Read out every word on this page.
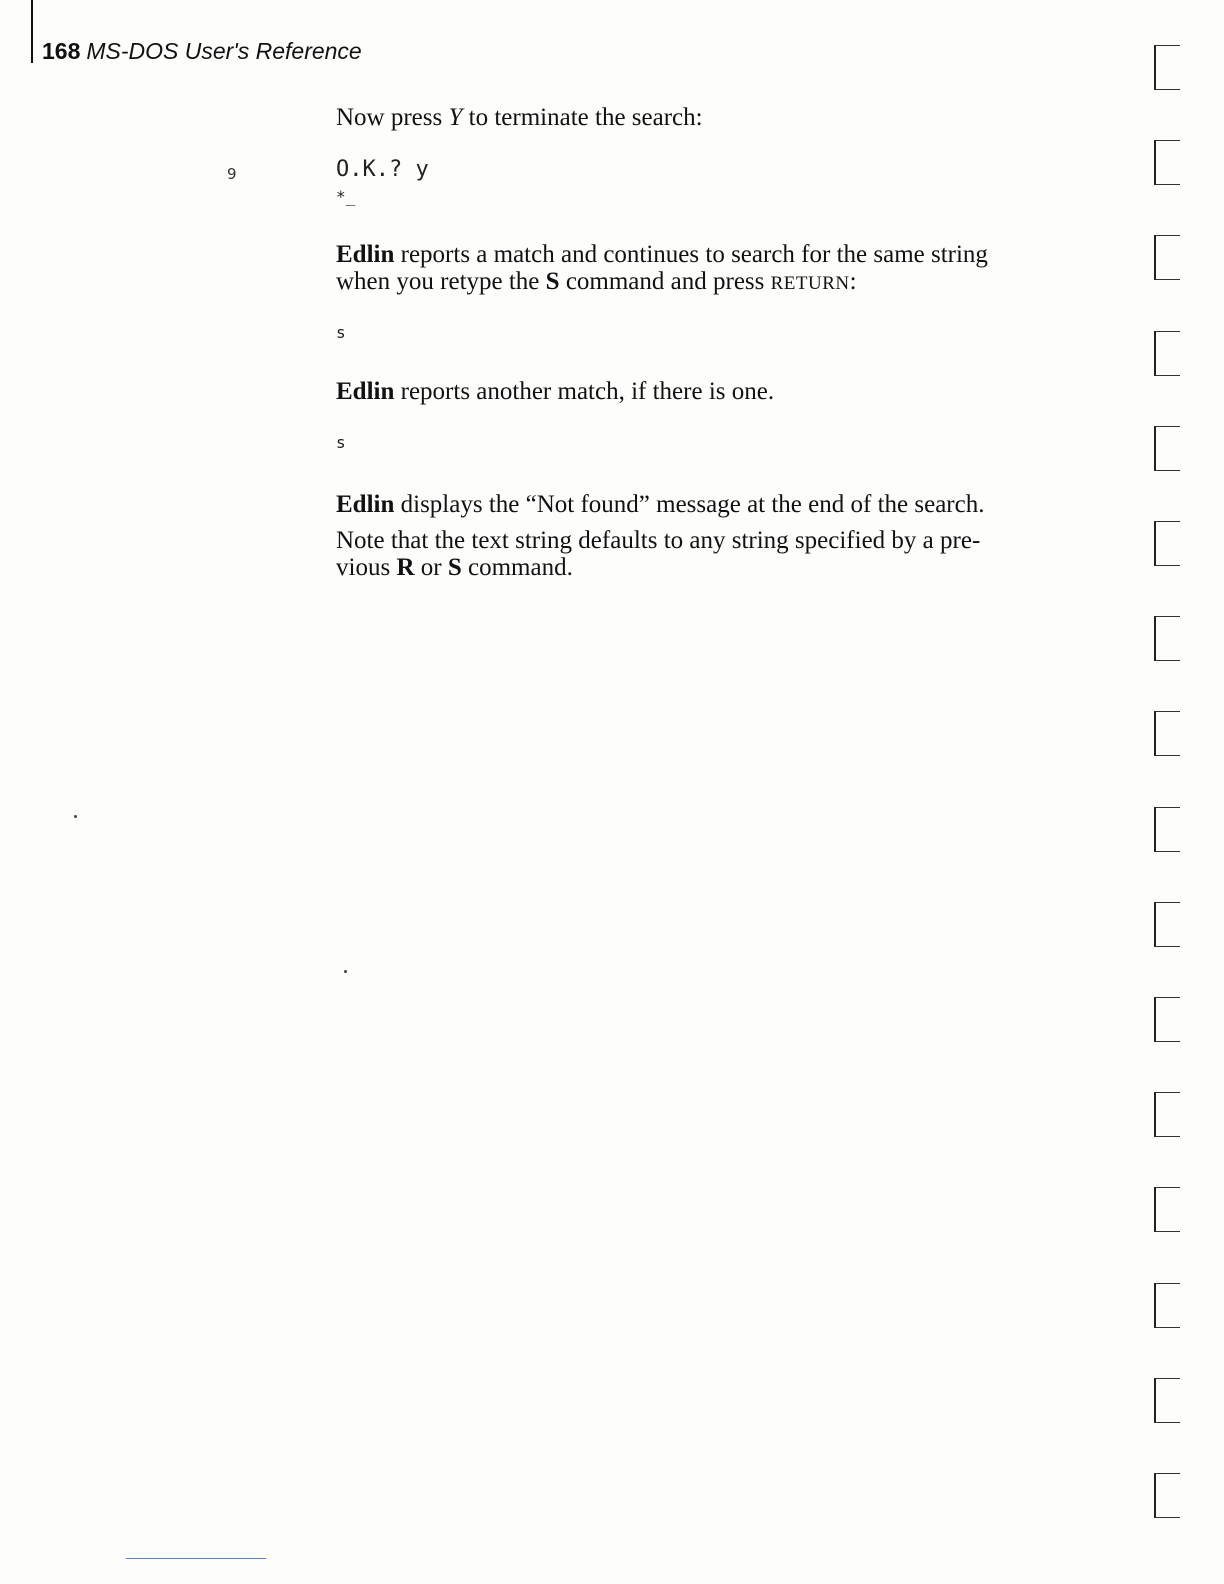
168 MS-DOS User's Reference
9
Now press Y to terminate the search:
O.K.? y
*_
Edlin reports a match and continues to search for the same string
when you retype the S command and press RETURN:
s
Edlin reports another match, if there is one.
s
Edlin displays the “Not found” message at the end of the search.
Note that the text string defaults to any string specified by a pre-
vious R or S command.
